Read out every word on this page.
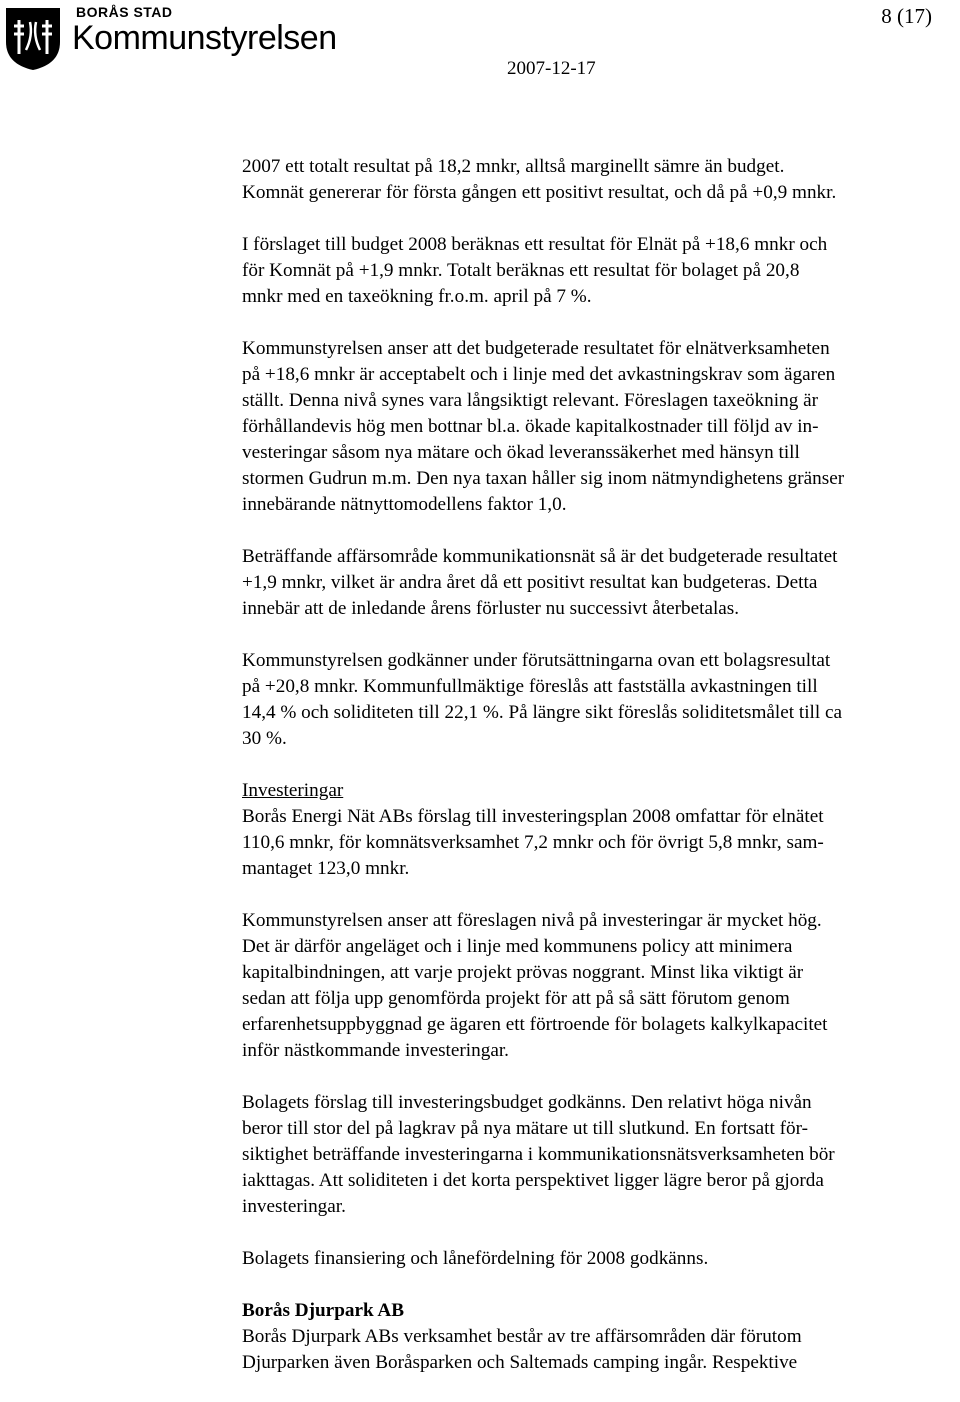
BORÅS STAD
Kommunstyrelsen
2007-12-17
8 (17)

2007 ett totalt resultat på 18,2 mnkr, alltså marginellt sämre än budget.
Komnät genererar för första gången ett positivt resultat, och då på +0,9 mnkr.

I förslaget till budget 2008 beräknas ett resultat för Elnät på +18,6 mnkr och
för Komnät på +1,9 mnkr. Totalt beräknas ett resultat för bolaget på 20,8
mnkr med en taxeökning fr.o.m. april på 7 %.

Kommunstyrelsen anser att det budgeterade resultatet för elnätverksamheten
på +18,6 mnkr är acceptabelt och i linje med det avkastningskrav som ägaren
ställt. Denna nivå synes vara långsiktigt relevant. Föreslagen taxeökning är
förhållandevis hög men bottnar bl.a. ökade kapitalkostnader till följd av in-
vesteringar såsom nya mätare och ökad leveranssäkerhet med hänsyn till
stormen Gudrun m.m. Den nya taxan håller sig inom nätmyndighetens gränser
innebärande nätnyttomodellens faktor 1,0.

Beträffande affärsområde kommunikationsnät så är det budgeterade resultatet
+1,9 mnkr, vilket är andra året då ett positivt resultat kan budgeteras. Detta
innebär att de inledande årens förluster nu successivt återbetalas.

Kommunstyrelsen godkänner under förutsättningarna ovan ett bolagsresultat
på +20,8 mnkr. Kommunfullmäktige föreslås att fastställa avkastningen till
14,4 % och soliditeten till 22,1 %. På längre sikt föreslås soliditetsmålet till ca
30 %.

Investeringar
Borås Energi Nät ABs förslag till investeringsplan 2008 omfattar för elnätet
110,6 mnkr, för komnätsverksamhet 7,2 mnkr och för övrigt 5,8 mnkr, sam-
mantaget 123,0 mnkr.

Kommunstyrelsen anser att föreslagen nivå på investeringar är mycket hög.
Det är därför angeläget och i linje med kommunens policy att minimera
kapitalbindningen, att varje projekt prövas noggrant. Minst lika viktigt är
sedan att följa upp genomförda projekt för att på så sätt förutom genom
erfarenhetsuppbyggnad ge ägaren ett förtroende för bolagets kalkylkapacitet
inför nästkommande investeringar.

Bolagets förslag till investeringsbudget godkänns. Den relativt höga nivån
beror till stor del på lagkrav på nya mätare ut till slutkund. En fortsatt för-
siktighet beträffande investeringarna i kommunikationsnätsverksamheten bör
iakttagas. Att soliditeten i det korta perspektivet ligger lägre beror på gjorda
investeringar.

Bolagets finansiering och lånefördelning för 2008 godkänns.

Borås Djurpark AB
Borås Djurpark ABs verksamhet består av tre affärsområden där förutom
Djurparken även Boråsparken och Saltemads camping ingår. Respektive
